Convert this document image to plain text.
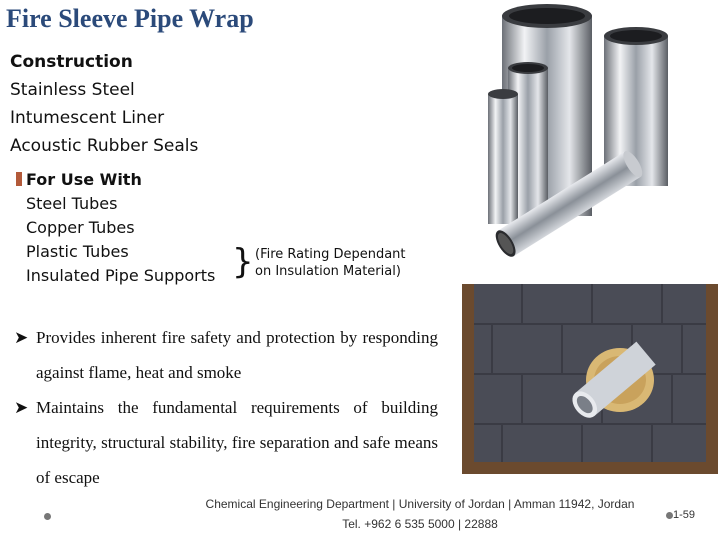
Fire Sleeve Pipe Wrap
Construction
Stainless Steel
Intumescent Liner
Acoustic Rubber Seals
For Use With
Steel Tubes
Copper Tubes
Plastic Tubes
Insulated Pipe Supports } (Fire Rating Dependant
on Insulation Material)
➤ Provides inherent fire safety and protection by responding against flame, heat and smoke
➤ Maintains the fundamental requirements of building integrity, structural stability, fire separation and safe means of escape
Chemical Engineering Department | University of Jordan | Amman 11942, Jordan
Tel. +962 6 535 5000 | 22888
1-59
